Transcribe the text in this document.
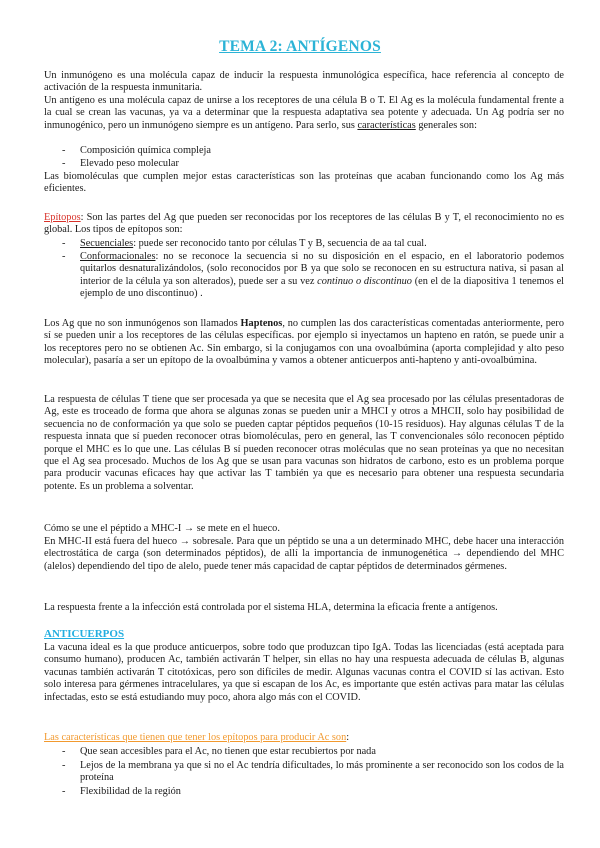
TEMA 2: ANTÍGENOS
Un inmunógeno es una molécula capaz de inducir la respuesta inmunológica específica, hace referencia al concepto de activación de la respuesta inmunitaria.
Un antígeno es una molécula capaz de unirse a los receptores de una célula B o T. El Ag es la molécula fundamental frente a la cual se crean las vacunas, ya va a determinar que la respuesta adaptativa sea potente y adecuada. Un Ag podría ser no inmunogénico, pero un inmunógeno siempre es un antígeno. Para serlo, sus características generales son:
- Composición química compleja
- Elevado peso molecular
Las biomoléculas que cumplen mejor estas características son las proteínas que acaban funcionando como los Ag más eficientes.
Epítopos: Son las partes del Ag que pueden ser reconocidas por los receptores de las células B y T, el reconocimiento no es global. Los tipos de epítopos son:
- Secuenciales: puede ser reconocido tanto por células T y B, secuencia de aa tal cual.
- Conformacionales: no se reconoce la secuencia si no su disposición en el espacio, en el laboratorio podemos quitarlos desnaturalizándolos, (solo reconocidos por B ya que solo se reconocen en su estructura nativa, si pasan al interior de la célula ya son alterados), puede ser a su vez continuo o discontinuo (en el de la diapositiva 1 tenemos el ejemplo de uno discontinuo) .
Los Ag que no son inmunógenos son llamados Haptenos, no cumplen las dos características comentadas anteriormente, pero sí se pueden unir a los receptores de las células específicas. por ejemplo si inyectamos un hapteno en ratón, se puede unir a los receptores pero no se obtienen Ac. Sin embargo, si la conjugamos con una ovoalbúmina (aporta complejidad y alto peso molecular), pasaría a ser un epítopo de la ovoalbúmina y vamos a obtener anticuerpos anti-hapteno y anti-ovoalbúmina.
La respuesta de células T tiene que ser procesada ya que se necesita que el Ag sea procesado por las células presentadoras de Ag, este es troceado de forma que ahora se algunas zonas se pueden unir a MHCI y otros a MHCII, solo hay posibilidad de secuencia no de conformación ya que solo se pueden captar péptidos pequeños (10-15 residuos). Hay algunas células T de la respuesta innata que sí pueden reconocer otras biomoléculas, pero en general, las T convencionales sólo reconocen péptido porque el MHC es lo que une. Las células B sí pueden reconocer otras moléculas que no sean proteínas ya que no necesitan que el Ag sea procesado. Muchos de los Ag que se usan para vacunas son hidratos de carbono, esto es un problema porque para producir vacunas eficaces hay que activar las T también ya que es necesario para obtener una respuesta secundaria potente. Es un problema a solventar.
Cómo se une el péptido a MHC-I → se mete en el hueco.
En MHC-II está fuera del hueco → sobresale. Para que un péptido se una a un determinado MHC, debe hacer una interacción electrostática de carga (son determinados péptidos), de allí la importancia de inmunogenética → dependiendo del MHC (alelos) dependiendo del tipo de alelo, puede tener más capacidad de captar péptidos de determinados gérmenes.
La respuesta frente a la infección está controlada por el sistema HLA, determina la eficacia frente a antígenos.
ANTICUERPOS
La vacuna ideal es la que produce anticuerpos, sobre todo que produzcan tipo IgA. Todas las licenciadas (está aceptada para consumo humano), producen Ac, también activarán T helper, sin ellas no hay una respuesta adecuada de células B, algunas vacunas también activarán T citotóxicas, pero son difíciles de medir. Algunas vacunas contra el COVID sí las activan. Esto solo interesa para gérmenes intracelulares, ya que si escapan de los Ac, es importante que estén activas para matar las células infectadas, esto se está estudiando muy poco, ahora algo más con el COVID.
Las características que tienen que tener los epítopos para producir Ac son:
- Que sean accesibles para el Ac, no tienen que estar recubiertos por nada
- Lejos de la membrana ya que si no el Ac tendría dificultades, lo más prominente a ser reconocido son los codos de la proteína
- Flexibilidad de la región
